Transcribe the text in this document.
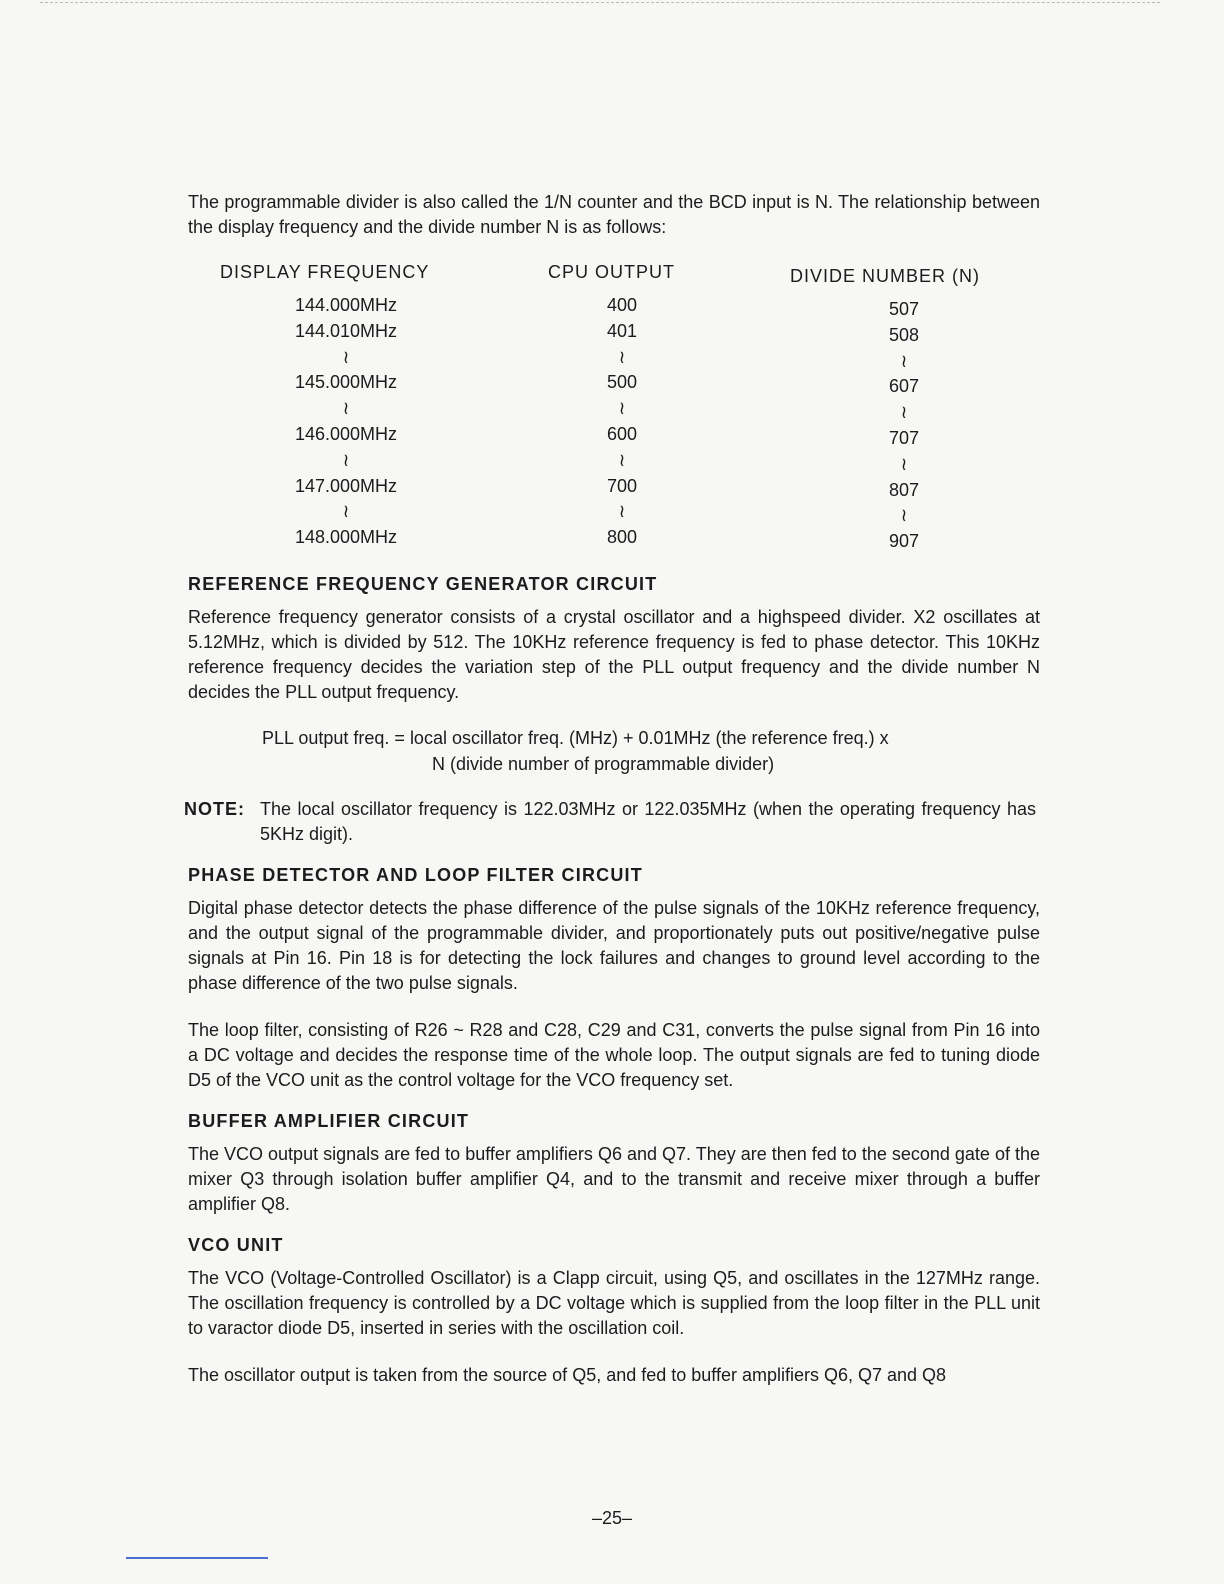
The programmable divider is also called the 1/N counter and the BCD input is N. The relationship between the display frequency and the divide number N is as follows:

DISPLAY FREQUENCY
144.000MHz
144.010MHz
≀
145.000MHz
≀
146.000MHz
≀
147.000MHz
≀
148.000MHz
CPU OUTPUT
400
401
≀
500
≀
600
≀
700
≀
800
DIVIDE NUMBER (N)
507
508
≀
607
≀
707
≀
807
≀
907
REFERENCE FREQUENCY GENERATOR CIRCUIT

Reference frequency generator consists of a crystal oscillator and a highspeed divider. X2 oscillates at 5.12MHz, which is divided by 512. The 10KHz reference frequency is fed to phase detector. This 10KHz reference frequency decides the variation step of the PLL output frequency and the divide number N decides the PLL output frequency.

PLL output freq. = local oscillator freq. (MHz) + 0.01MHz (the reference freq.) x
N (divide number of programmable divider)
NOTE: The local oscillator frequency is 122.03MHz or 122.035MHz (when the operating frequency has 5KHz digit).
PHASE DETECTOR AND LOOP FILTER CIRCUIT

Digital phase detector detects the phase difference of the pulse signals of the 10KHz reference frequency, and the output signal of the programmable divider, and proportionately puts out positive/negative pulse signals at Pin 16. Pin 18 is for detecting the lock failures and changes to ground level according to the phase difference of the two pulse signals.

The loop filter, consisting of R26 ~ R28 and C28, C29 and C31, converts the pulse signal from Pin 16 into a DC voltage and decides the response time of the whole loop. The output signals are fed to tuning diode D5 of the VCO unit as the control voltage for the VCO frequency set.

BUFFER AMPLIFIER CIRCUIT

The VCO output signals are fed to buffer amplifiers Q6 and Q7. They are then fed to the second gate of the mixer Q3 through isolation buffer amplifier Q4, and to the transmit and receive mixer through a buffer amplifier Q8.

VCO UNIT

The VCO (Voltage-Controlled Oscillator) is a Clapp circuit, using Q5, and oscillates in the 127MHz range. The oscillation frequency is controlled by a DC voltage which is supplied from the loop filter in the PLL unit to varactor diode D5, inserted in series with the oscillation coil.

The oscillator output is taken from the source of Q5, and fed to buffer amplifiers Q6, Q7 and Q8

–25–
